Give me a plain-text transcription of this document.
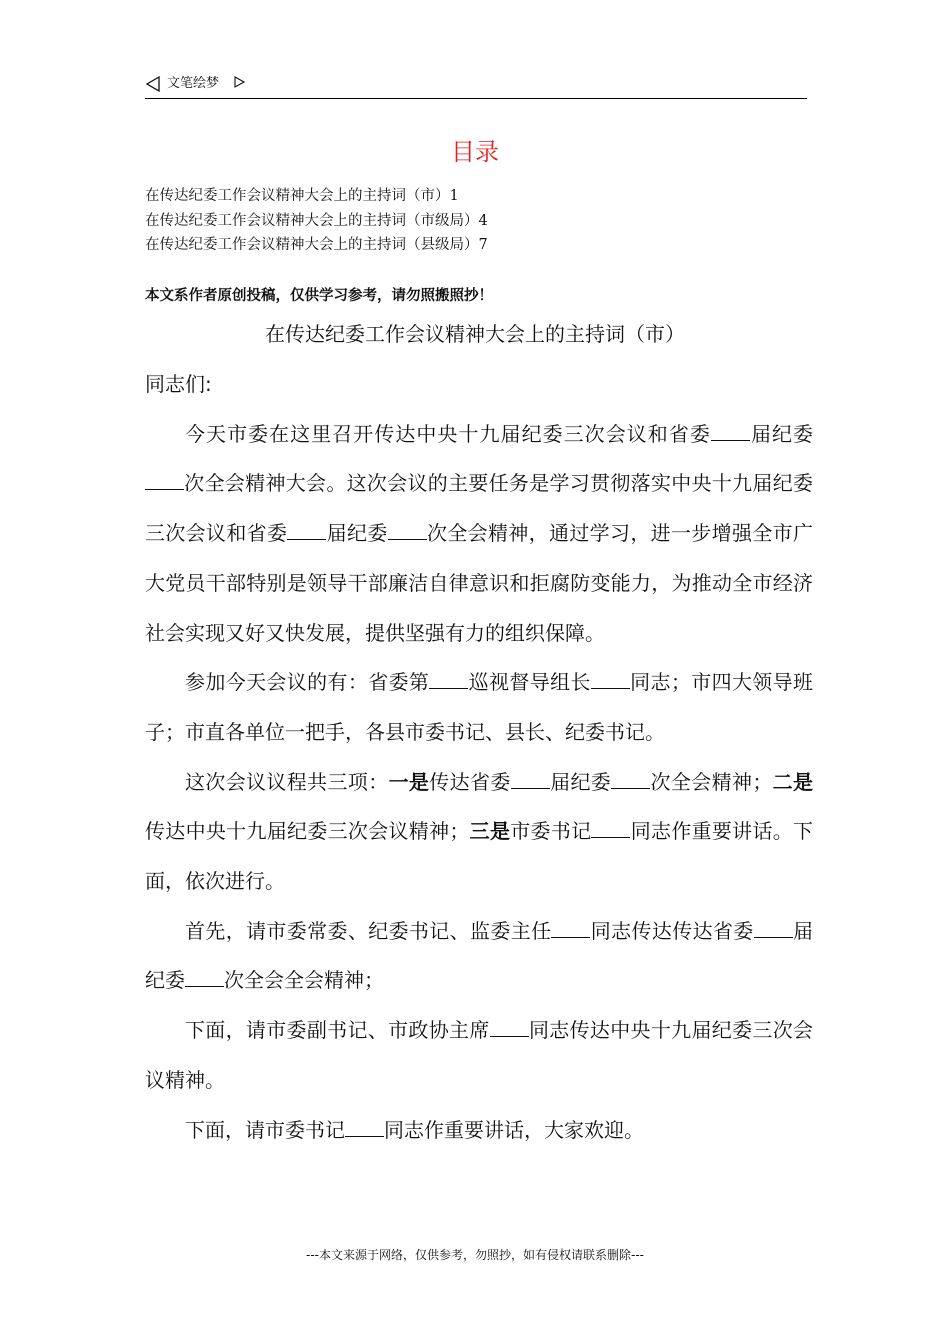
文笔绘梦
目录
在传达纪委工作会议精神大会上的主持词（市）1
在传达纪委工作会议精神大会上的主持词（市级局）4
在传达纪委工作会议精神大会上的主持词（县级局）7
本文系作者原创投稿，仅供学习参考，请勿照搬照抄！
在传达纪委工作会议精神大会上的主持词（市）

同志们:

今天市委在这里召开传达中央十九届纪委三次会议和省委 届纪委次全会精神大会。这次会议的主要任务是学习贯彻落实中央十九届纪委三次会议和省委 届纪委 次全会精神，通过学习，进一步增强全市广大党员干部特别是领导干部廉洁自律意识和拒腐防变能力，为推动全市经济社会实现又好又快发展，提供坚强有力的组织保障。

参加今天会议的有：省委第 巡视督导组长 同志；市四大领导班子；市直各单位一把手，各县市委书记、县长、纪委书记。

这次会议议程共三项：一是传达省委 届纪委 次全会精神；二是传达中央十九届纪委三次会议精神；三是市委书记 同志作重要讲话。下面，依次进行。

首先，请市委常委、纪委书记、监委主任 同志传达传达省委 届纪委 次全会全会精神；

下面，请市委副书记、市政协主席 同志传达中央十九届纪委三次会议精神。

下面，请市委书记 同志作重要讲话，大家欢迎。

---本文来源于网络，仅供参考，勿照抄，如有侵权请联系删除---
